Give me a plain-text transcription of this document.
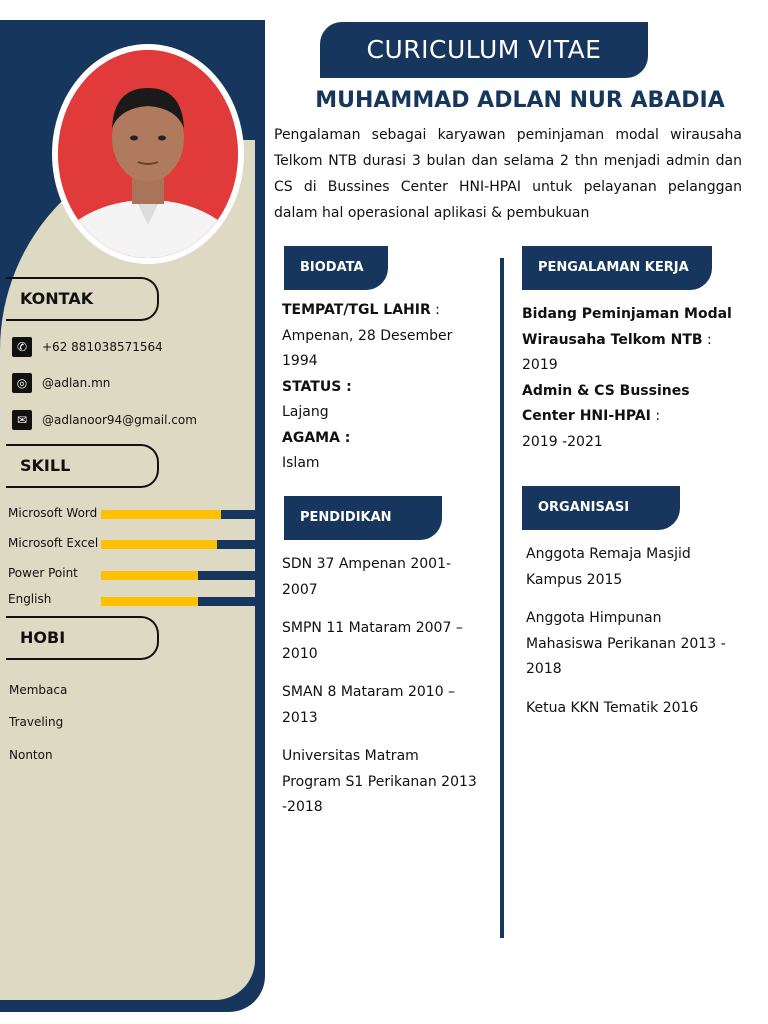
KONTAK
✆	+62 881038571564
◎	@adlan.mn
✉	@adlanoor94@gmail.com
SKILL
Microsoft Word
Microsoft Excel
Power Point
English
HOBI
Membaca
Traveling
Nonton
CURICULUM VITAE
MUHAMMAD ADLAN NUR ABADIA
Pengalaman sebagai karyawan peminjaman modal wirausaha Telkom NTB durasi 3 bulan dan selama 2 thn menjadi admin dan CS di Bussines Center HNI-HPAI untuk pelayanan pelanggan dalam hal operasional aplikasi & pembukuan
BIODATA
TEMPAT/TGL LAHIR :
Ampenan, 28 Desember 1994
STATUS :
Lajang
AGAMA :
Islam
PENDIDIKAN
SDN 37 Ampenan 2001-2007
SMPN 11 Mataram 2007 – 2010
SMAN 8 Mataram 2010 – 2013
Universitas Matram Program S1 Perikanan 2013 -2018
PENGALAMAN KERJA
Bidang Peminjaman Modal Wirausaha Telkom NTB :
2019
Admin & CS Bussines Center HNI-HPAI :
2019 -2021
ORGANISASI
Anggota Remaja Masjid Kampus 2015
Anggota Himpunan Mahasiswa Perikanan 2013 - 2018
Ketua KKN Tematik 2016
